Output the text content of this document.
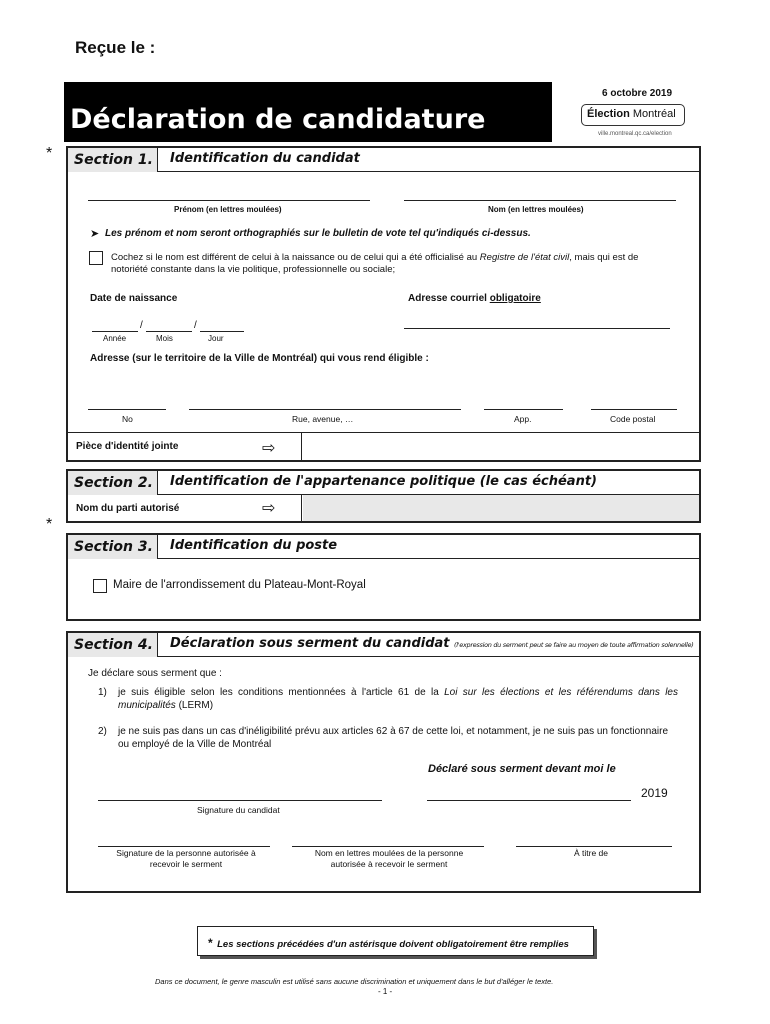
Reçue le :
6 octobre 2019
Déclaration de candidature	Élection Montréal
ville.montreal.qc.ca/election
*
*
Section 1.	Identification du candidat
Prénom (en lettres moulées)	Nom (en lettres moulées)
➤ Les prénom et nom seront orthographiés sur le bulletin de vote tel qu'indiqués ci-dessus.
Cochez si le nom est différent de celui à la naissance ou de celui qui a été officialisé au Registre de l'état civil, mais qui est de notoriété constante dans la vie politique, professionnelle ou sociale;
Date de naissance	Adresse courriel obligatoire
/	/
Année	Mois	Jour
Adresse (sur le territoire de la Ville de Montréal) qui vous rend éligible :
No	Rue, avenue, …	App.	Code postal
Pièce d'identité jointe	⇨
Section 2.	Identification de l'appartenance politique (le cas échéant)
Nom du parti autorisé	⇨
Section 3.	Identification du poste
Maire de l'arrondissement du Plateau-Mont-Royal
Section 4.	Déclaration sous serment du candidat (l'expression du serment peut se faire au moyen de toute affirmation solennelle)
Je déclare sous serment que :
1) je suis éligible selon les conditions mentionnées à l'article 61 de la Loi sur les élections et les référendums dans les municipalités (LERM)
2) je ne suis pas dans un cas d'inéligibilité prévu aux articles 62 à 67 de cette loi, et notamment, je ne suis pas un fonctionnaire ou employé de la Ville de Montréal
Déclaré sous serment devant moi le
Signature du candidat
2019
Signature de la personne autorisée à recevoir le serment
Nom en lettres moulées de la personne autorisée à recevoir le serment
À titre de
* Les sections précédées d'un astérisque doivent obligatoirement être remplies
Dans ce document, le genre masculin est utilisé sans aucune discrimination et uniquement dans le but d'alléger le texte.
- 1 -
